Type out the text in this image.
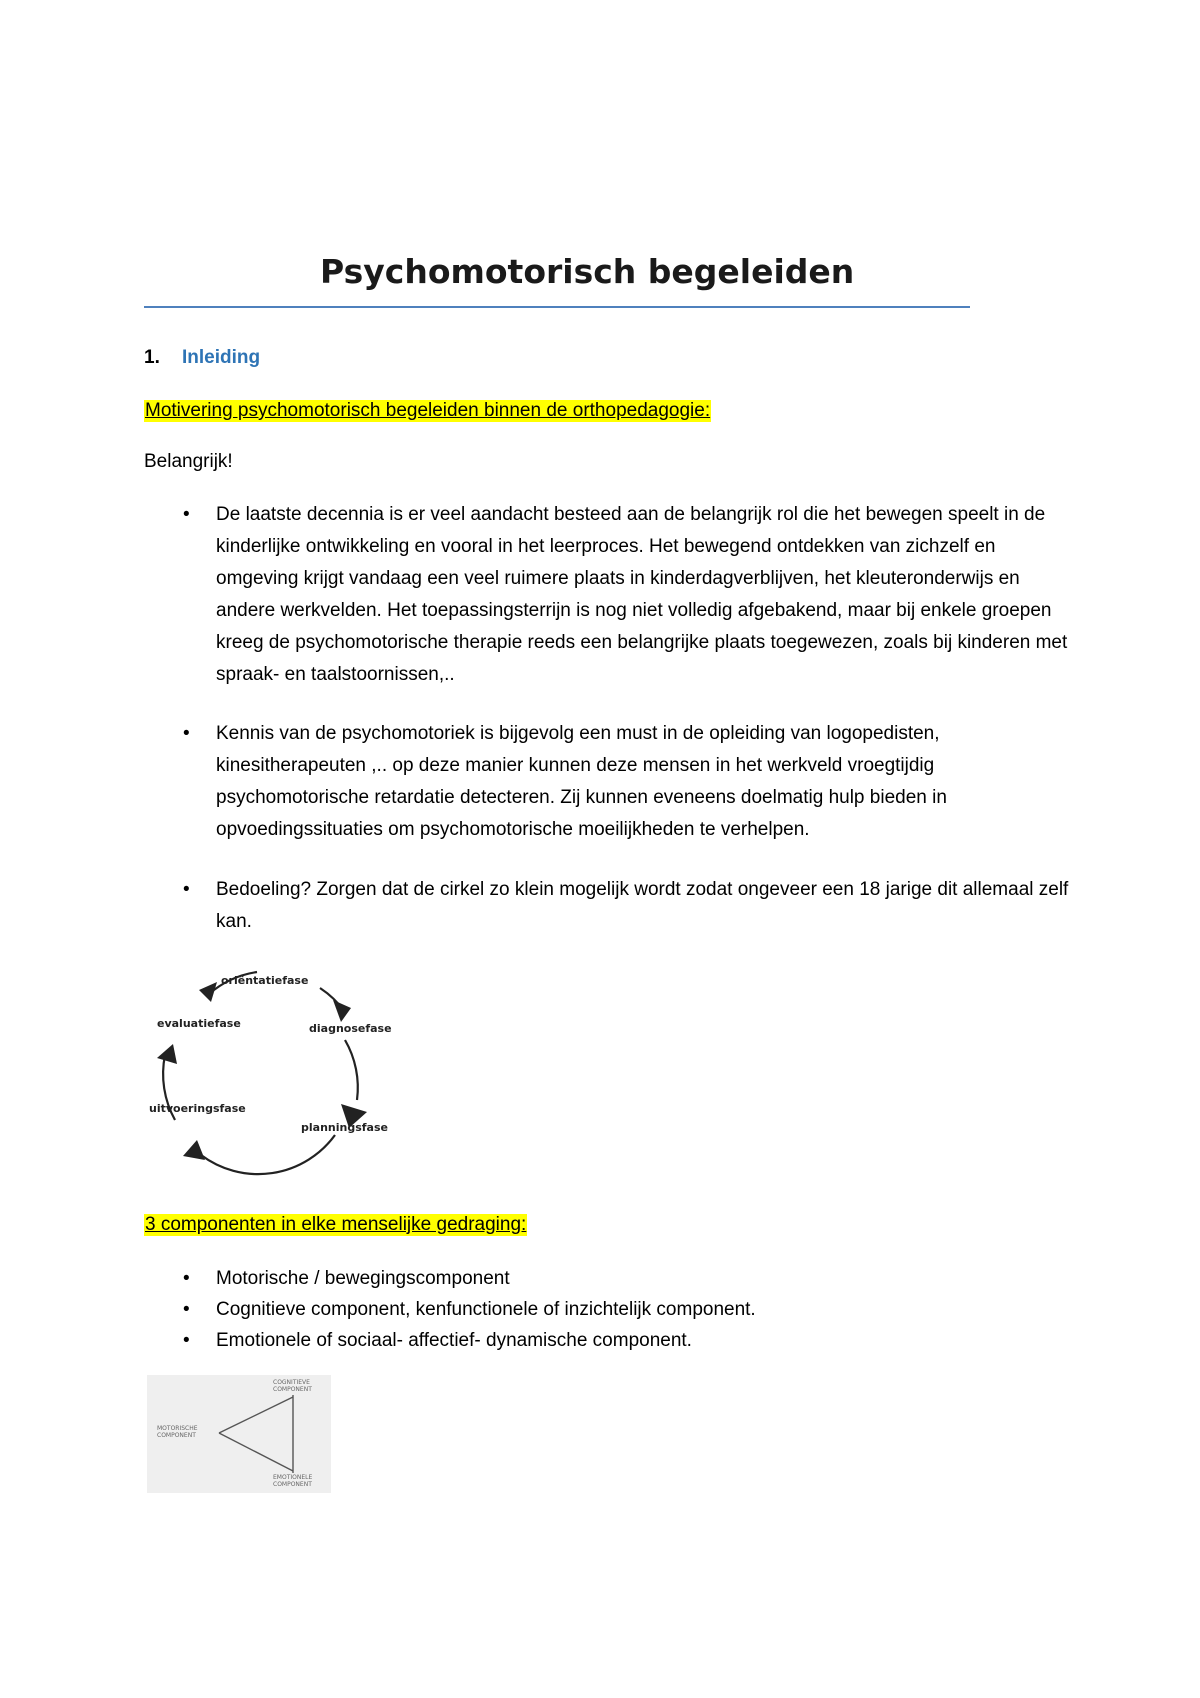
Psychomotorisch begeleiden
1. Inleiding
Motivering psychomotorisch begeleiden binnen de orthopedagogie:
Belangrijk!
• De laatste decennia is er veel aandacht besteed aan de belangrijk rol die het bewegen speelt in de kinderlijke ontwikkeling en vooral in het leerproces. Het bewegend ontdekken van zichzelf en omgeving krijgt vandaag een veel ruimere plaats in kinderdagverblijven, het kleuteronderwijs en andere werkvelden. Het toepassingsterrijn is nog niet volledig afgebakend, maar bij enkele groepen kreeg de psychomotorische therapie reeds een belangrijke plaats toegewezen, zoals bij kinderen met spraak- en taalstoornissen,..
• Kennis van de psychomotoriek is bijgevolg een must in de opleiding van logopedisten, kinesitherapeuten ,.. op deze manier kunnen deze mensen in het werkveld vroegtijdig psychomotorische retardatie detecteren. Zij kunnen eveneens doelmatig hulp bieden in opvoedingssituaties om psychomotorische moeilijkheden te verhelpen.
• Bedoeling? Zorgen dat de cirkel zo klein mogelijk wordt zodat ongeveer een 18 jarige dit allemaal zelf kan.
oriëntatiefase
diagnosefase
planningsfase
uitvoeringsfase
evaluatiefase
3 componenten in elke menselijke gedraging:
• Motorische / bewegingscomponent
• Cognitieve component, kenfunctionele of inzichtelijk component.
• Emotionele of sociaal- affectief- dynamische component.
COGNITIEVE
COMPONENT
MOTORISCHE
COMPONENT
EMOTIONELE
COMPONENT
